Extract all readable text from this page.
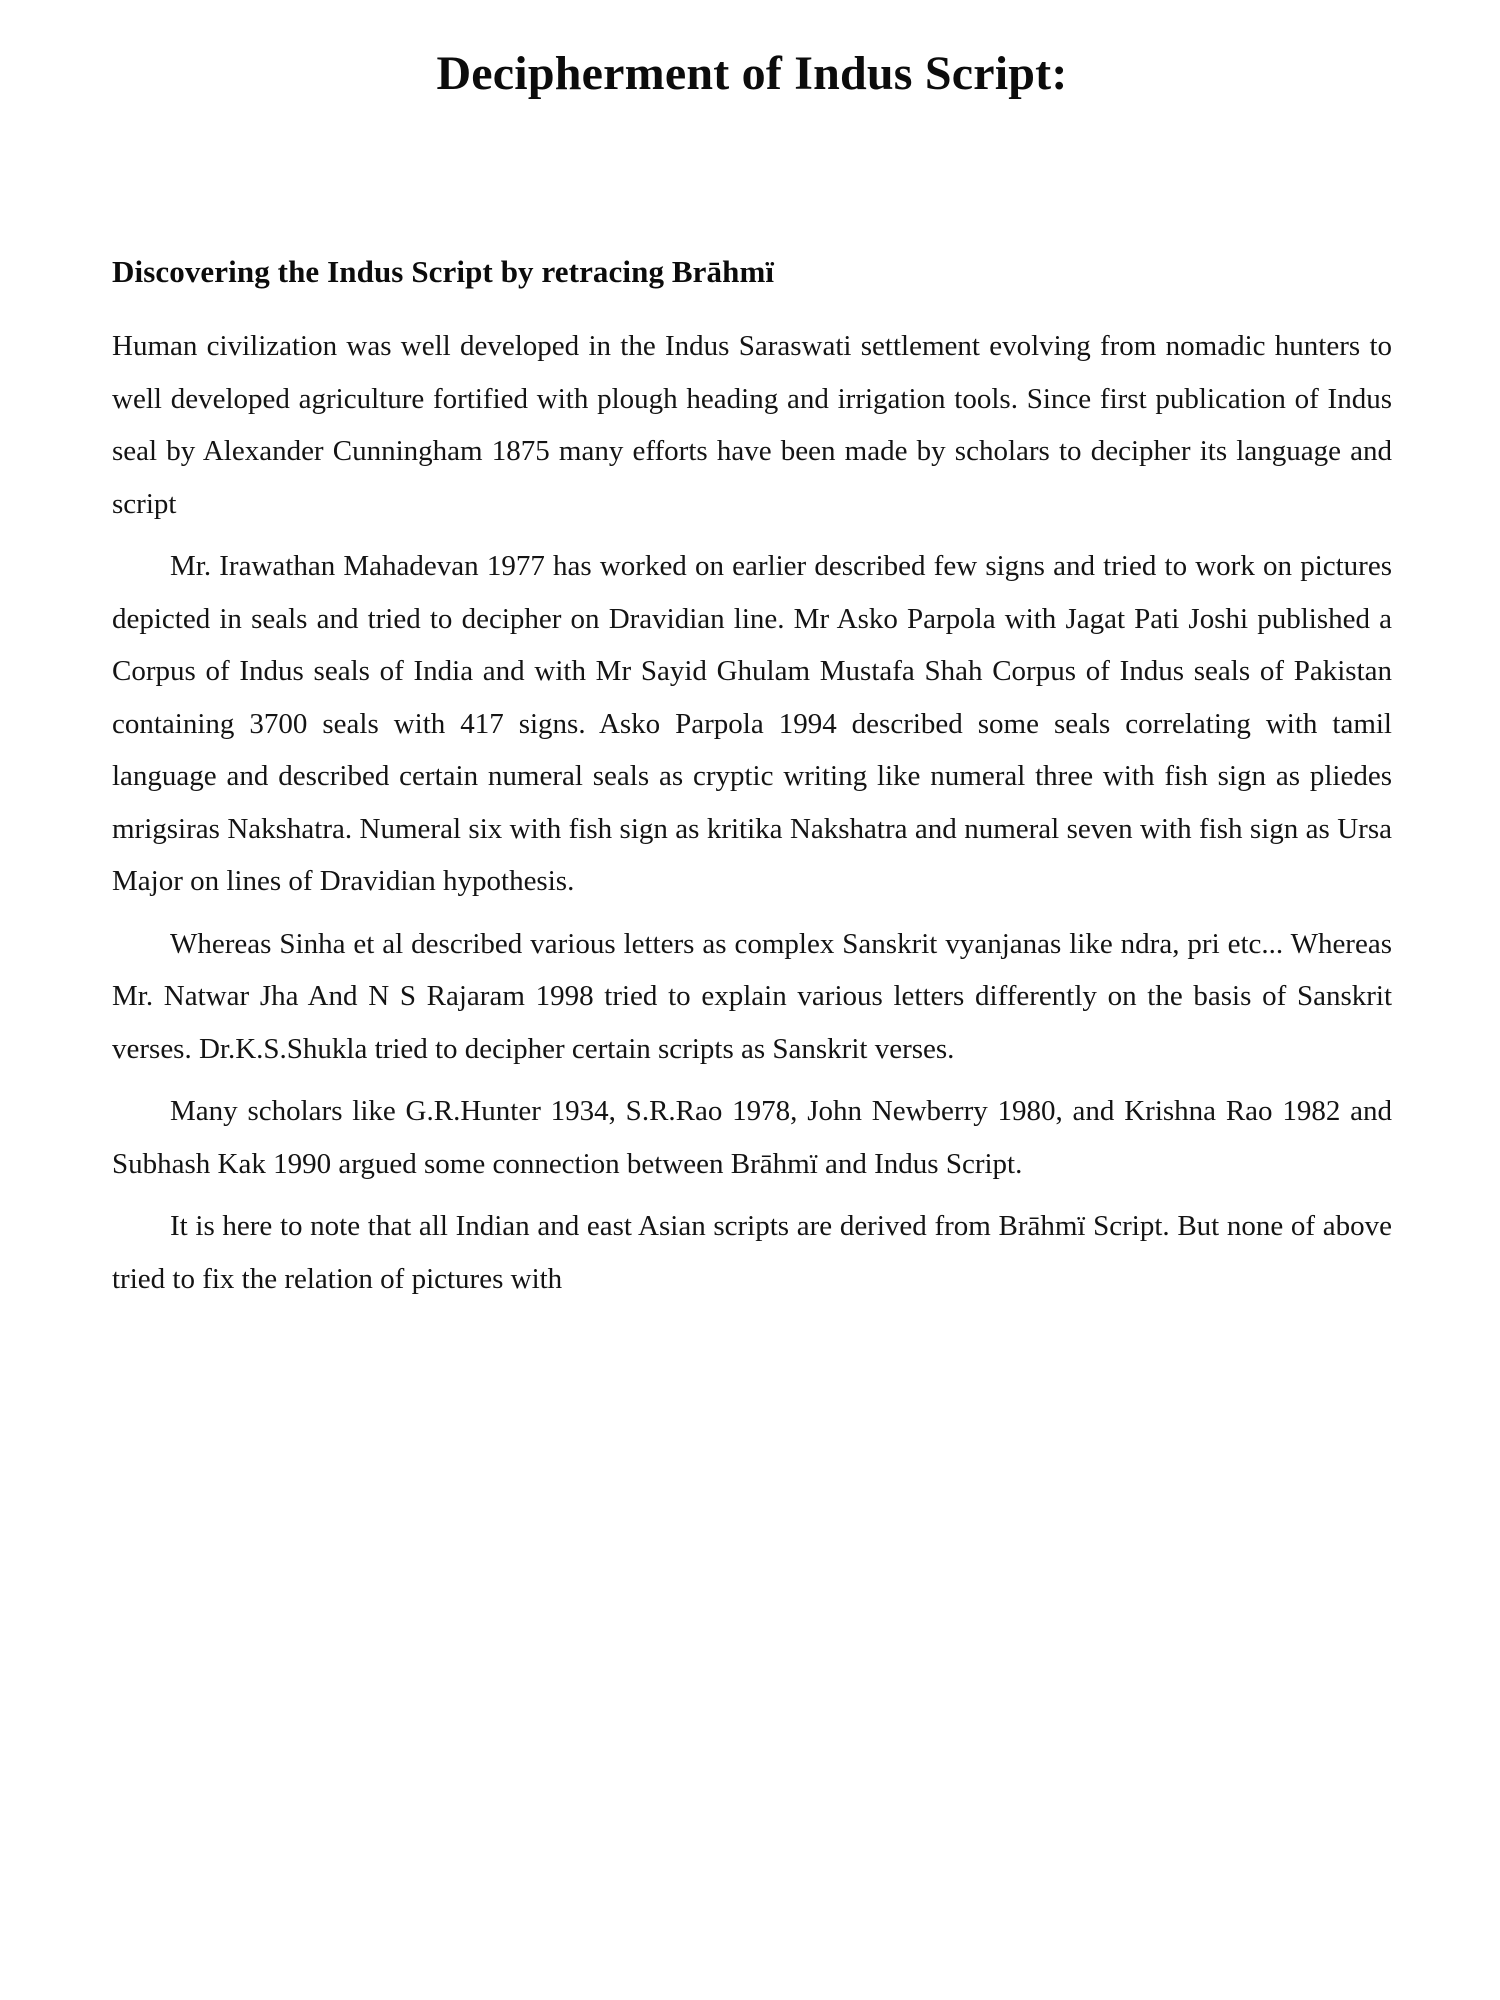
Decipherment of Indus Script:
Discovering the Indus Script by retracing Brāhmï

Human civilization was well developed in the Indus Saraswati settlement evolving from nomadic hunters to well developed agriculture fortified with plough heading and irrigation tools. Since first publication of Indus seal by Alexander Cunningham 1875 many efforts have been made by scholars to decipher its language and script

Mr. Irawathan Mahadevan 1977 has worked on earlier described few signs and tried to work on pictures depicted in seals and tried to decipher on Dravidian line. Mr Asko Parpola with Jagat Pati Joshi published a Corpus of Indus seals of India and with Mr Sayid Ghulam Mustafa Shah Corpus of Indus seals of Pakistan containing 3700 seals with 417 signs. Asko Parpola 1994 described some seals correlating with tamil language and described certain numeral seals as cryptic writing like numeral three with fish sign as pliedes mrigsiras Nakshatra. Numeral six with fish sign as kritika Nakshatra and numeral seven with fish sign as Ursa Major on lines of Dravidian hypothesis.

Whereas Sinha et al described various letters as complex Sanskrit vyanjanas like ndra, pri etc... Whereas Mr. Natwar Jha And N S Rajaram 1998 tried to explain various letters differently on the basis of Sanskrit verses. Dr.K.S.Shukla tried to decipher certain scripts as Sanskrit verses.

Many scholars like G.R.Hunter 1934, S.R.Rao 1978, John Newberry 1980, and Krishna Rao 1982 and Subhash Kak 1990 argued some connection between Brāhmï and Indus Script.

It is here to note that all Indian and east Asian scripts are derived from Brāhmï Script. But none of above tried to fix the relation of pictures with
